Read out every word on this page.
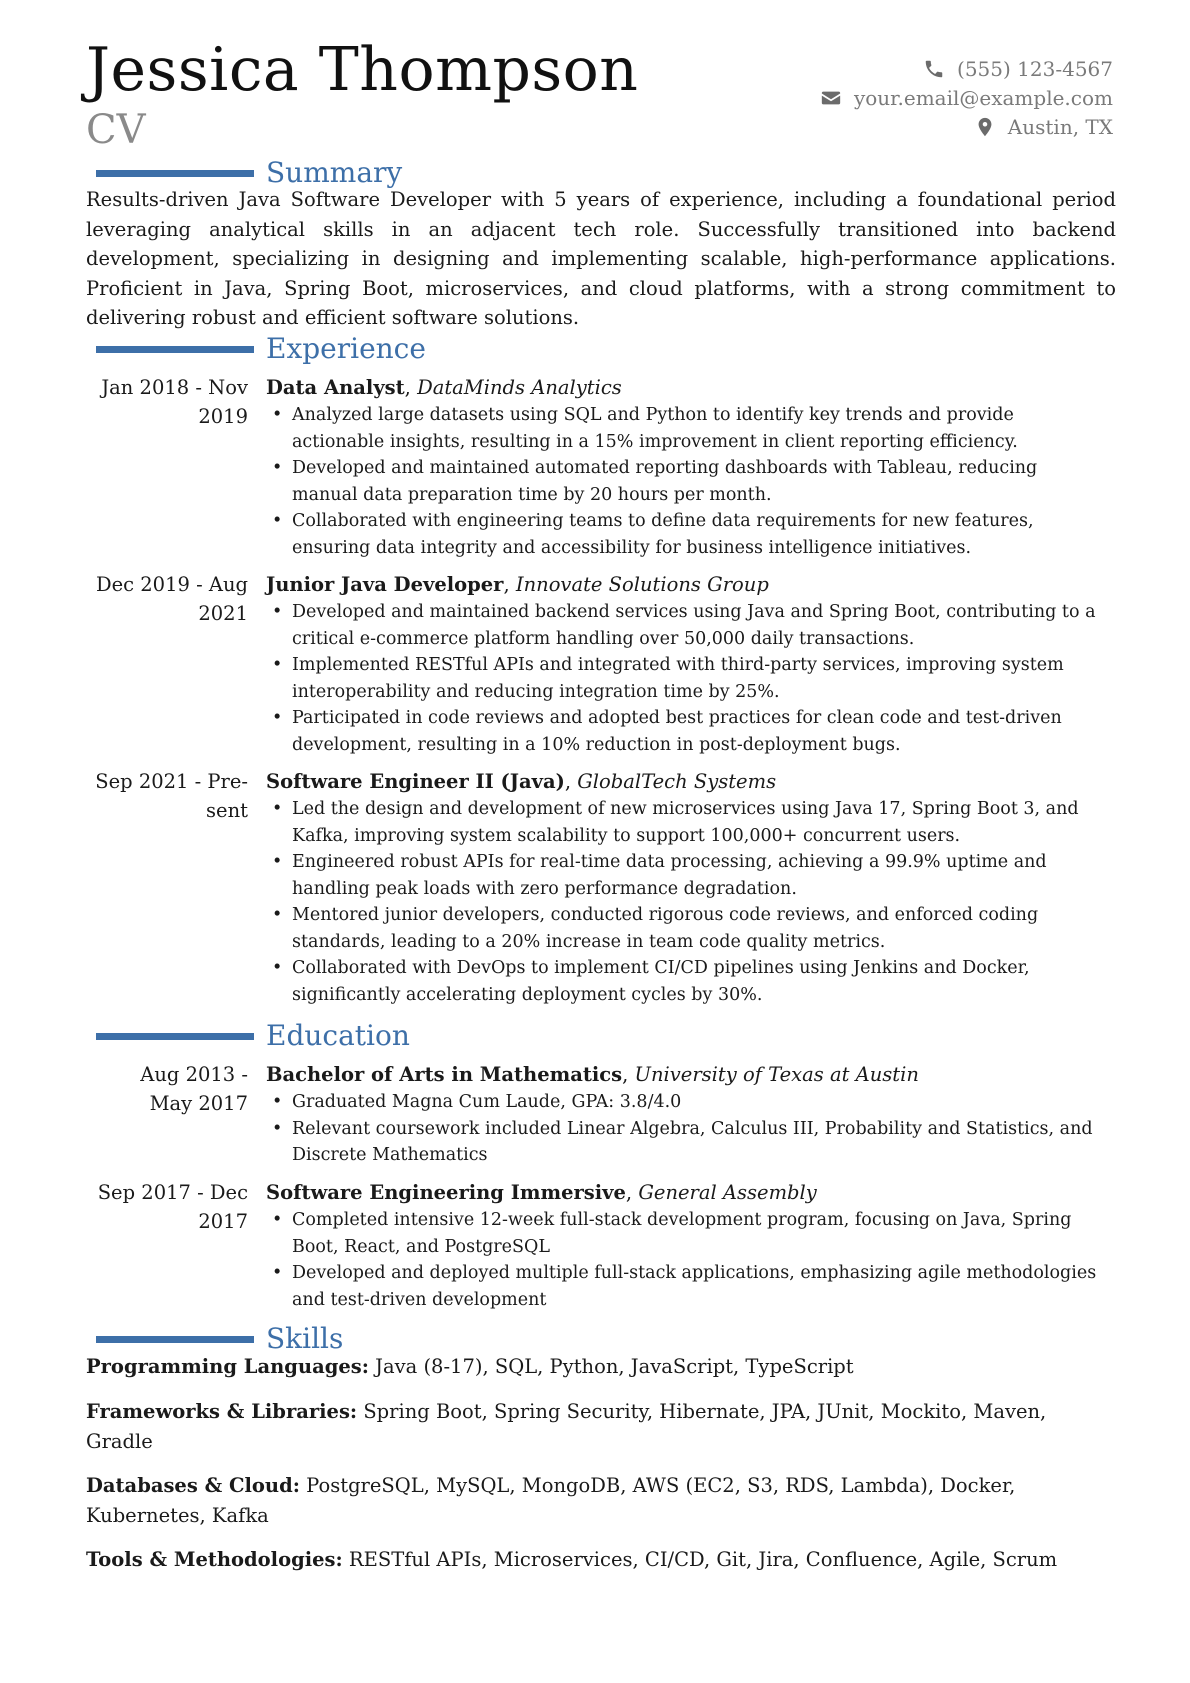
Jessica Thompson
CV
(555) 123-4567
your.email@example.com
Austin, TX
Summary

Results-driven Java Software Developer with 5 years of experience, including a foundational period leveraging analytical skills in an adjacent tech role. Successfully transitioned into backend development, specializing in designing and implementing scalable, high-performance applications. Proficient in Java, Spring Boot, microservices, and cloud platforms, with a strong commitment to delivering robust and efficient software solutions.

Experience
Jan 2018 - Nov
2019
Data Analyst, DataMinds Analytics
• Analyzed large datasets using SQL and Python to identify key trends and provide actionable insights, resulting in a 15% improvement in client reporting efficiency.
• Developed and maintained automated reporting dashboards with Tableau, reducing manual data preparation time by 20 hours per month.
• Collaborated with engineering teams to define data requirements for new features, ensuring data integrity and accessibility for business intelligence initiatives.
Dec 2019 - Aug
2021
Junior Java Developer, Innovate Solutions Group
• Developed and maintained backend services using Java and Spring Boot, contributing to a critical e-commerce platform handling over 50,000 daily transactions.
• Implemented RESTful APIs and integrated with third-party services, improving system interoperability and reducing integration time by 25%.
• Participated in code reviews and adopted best practices for clean code and test-driven development, resulting in a 10% reduction in post-deployment bugs.
Sep 2021 - Pre-
sent
Software Engineer II (Java), GlobalTech Systems
• Led the design and development of new microservices using Java 17, Spring Boot 3, and Kafka, improving system scalability to support 100,000+ concurrent users.
• Engineered robust APIs for real-time data processing, achieving a 99.9% uptime and handling peak loads with zero performance degradation.
• Mentored junior developers, conducted rigorous code reviews, and enforced coding standards, leading to a 20% increase in team code quality metrics.
• Collaborated with DevOps to implement CI/CD pipelines using Jenkins and Docker, significantly accelerating deployment cycles by 30%.
Education
Aug 2013 -
May 2017
Bachelor of Arts in Mathematics, University of Texas at Austin
• Graduated Magna Cum Laude, GPA: 3.8/4.0
• Relevant coursework included Linear Algebra, Calculus III, Probability and Statistics, and Discrete Mathematics
Sep 2017 - Dec
2017
Software Engineering Immersive, General Assembly
• Completed intensive 12-week full-stack development program, focusing on Java, Spring Boot, React, and PostgreSQL
• Developed and deployed multiple full-stack applications, emphasizing agile methodologies and test-driven development
Skills

Programming Languages: Java (8-17), SQL, Python, JavaScript, TypeScript

Frameworks & Libraries: Spring Boot, Spring Security, Hibernate, JPA, JUnit, Mockito, Maven, Gradle

Databases & Cloud: PostgreSQL, MySQL, MongoDB, AWS (EC2, S3, RDS, Lambda), Docker, Kubernetes, Kafka

Tools & Methodologies: RESTful APIs, Microservices, CI/CD, Git, Jira, Confluence, Agile, Scrum
